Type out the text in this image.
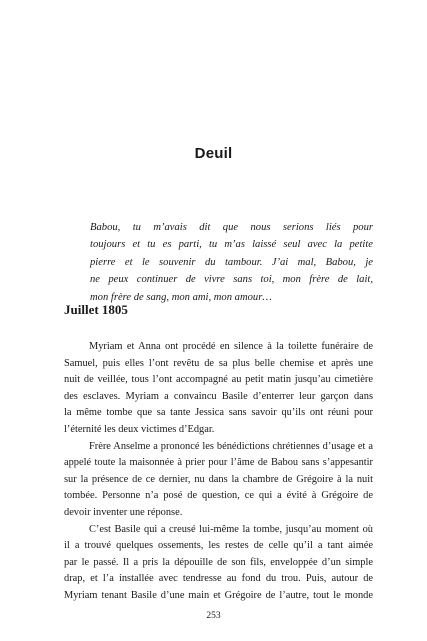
Deuil
Babou, tu m’avais dit que nous serions liés pour
toujours et tu es parti, tu m’as laissé seul avec la petite
pierre et le souvenir du tambour. J’ai mal, Babou, je
ne peux continuer de vivre sans toi, mon frère de lait,
mon frère de sang, mon ami, mon amour…
Juillet 1805
Myriam et Anna ont procédé en silence à la toilette funéraire de
Samuel, puis elles l’ont revêtu de sa plus belle chemise et après une
nuit de veillée, tous l’ont accompagné au petit matin jusqu’au cimetière
des esclaves. Myriam a convaincu Basile d’enterrer leur garçon dans
la même tombe que sa tante Jessica sans savoir qu’ils ont réuni pour
l’éternité les deux victimes d’Edgar.
Frère Anselme a prononcé les bénédictions chrétiennes d’usage et a
appelé toute la maisonnée à prier pour l’âme de Babou sans s’appesantir
sur la présence de ce dernier, nu dans la chambre de Grégoire à la nuit
tombée. Personne n’a posé de question, ce qui a évité à Grégoire de
devoir inventer une réponse.
C’est Basile qui a creusé lui-même la tombe, jusqu’au moment où
il a trouvé quelques ossements, les restes de celle qu’il a tant aimée
par le passé. Il a pris la dépouille de son fils, enveloppée d’un simple
drap, et l’a installée avec tendresse au fond du trou. Puis, autour de
Myriam tenant Basile d’une main et Grégoire de l’autre, tout le monde
253
